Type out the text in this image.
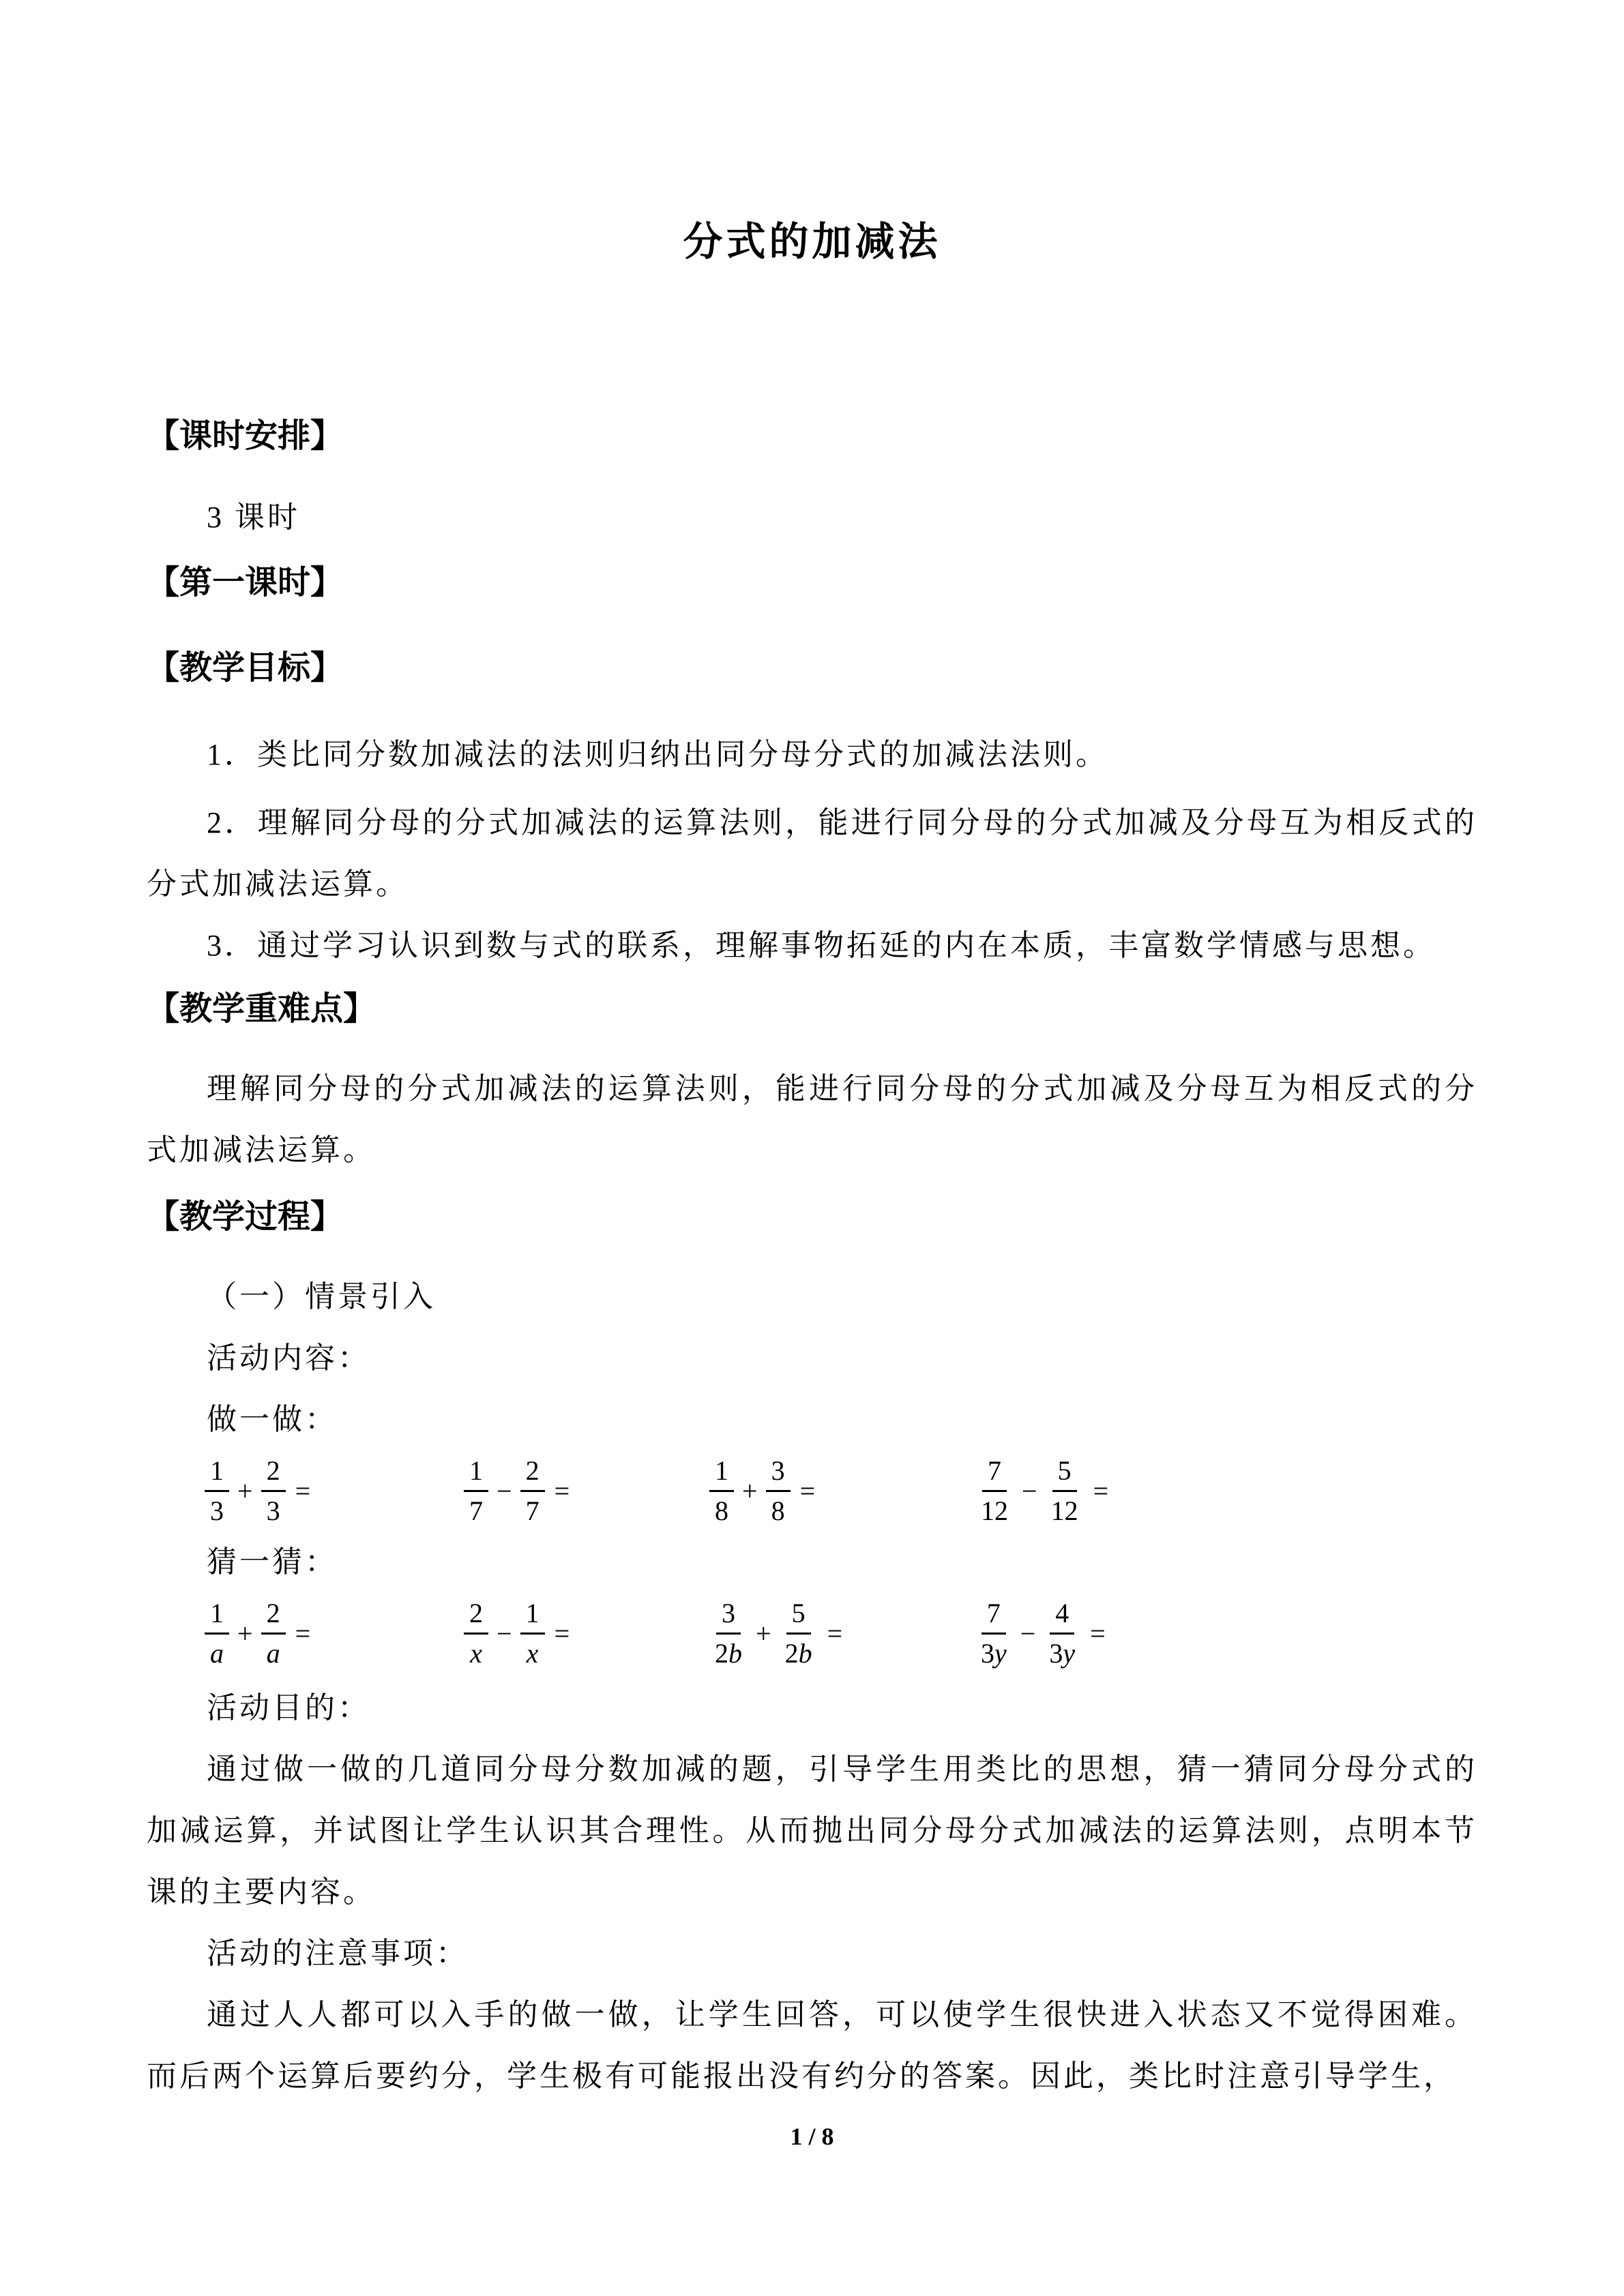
分式的加减法
【课时安排】

3 课时

【第一课时】
【教学目标】

1．类比同分数加减法的法则归纳出同分母分式的加减法法则。

2．理解同分母的分式加减法的运算法则，能进行同分母的分式加减及分母互为相反式的分式加减法运算。

3．通过学习认识到数与式的联系，理解事物拓延的内在本质，丰富数学情感与思想。

【教学重难点】

理解同分母的分式加减法的运算法则，能进行同分母的分式加减及分母互为相反式的分式加减法运算。

【教学过程】

（一）情景引入

活动内容：

做一做：

$\frac{1}{3} + \frac{2}{3}$ =	$\frac{1}{7} - \frac{2}{7}$ =	$\frac{1}{8} + \frac{3}{8}$ =	$\frac{7}{12} - \frac{5}{12}$ =

猜一猜：

$\frac{1}{a} + \frac{2}{a}$ =	$\frac{2}{x} - \frac{1}{x}$ =	$\frac{3}{2b} + \frac{5}{2b}$ =	$\frac{7}{3y} - \frac{4}{3y}$ =

活动目的：

通过做一做的几道同分母分数加减的题，引导学生用类比的思想，猜一猜同分母分式的加减运算，并试图让学生认识其合理性。从而抛出同分母分式加减法的运算法则，点明本节课的主要内容。

活动的注意事项：

通过人人都可以入手的做一做，让学生回答，可以使学生很快进入状态又不觉得困难。而后两个运算后要约分，学生极有可能报出没有约分的答案。因此，类比时注意引导学生，

1 / 8
